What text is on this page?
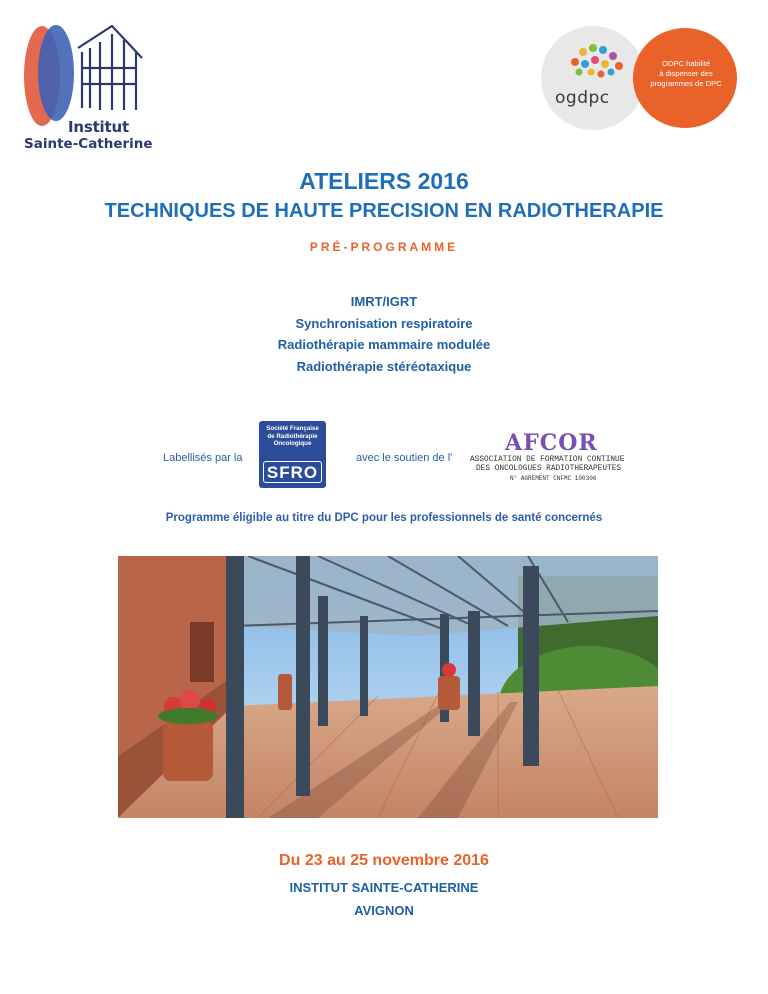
Institut
Sainte-Catherine
ogdpc
ODPC habilité
à dispenser des
programmes de DPC
ATELIERS 2016
TECHNIQUES DE HAUTE PRECISION EN RADIOTHERAPIE
PRÉ-PROGRAMME
IMRT/IGRT
Synchronisation respiratoire
Radiothérapie mammaire modulée
Radiothérapie stéréotaxique
Labellisés par la
Société Française
de Radiothérapie
Oncologique
SFRO
avec le soutien de l'
AFCOR
ASSOCIATION DE FORMATION CONTINUE
DES ONCOLOGUES RADIOTHERAPEUTES
N° AGREMENT CNFMC 100306
Programme éligible au titre du DPC pour les professionnels de santé concernés
Du 23 au 25 novembre 2016
INSTITUT SAINTE-CATHERINE
AVIGNON
